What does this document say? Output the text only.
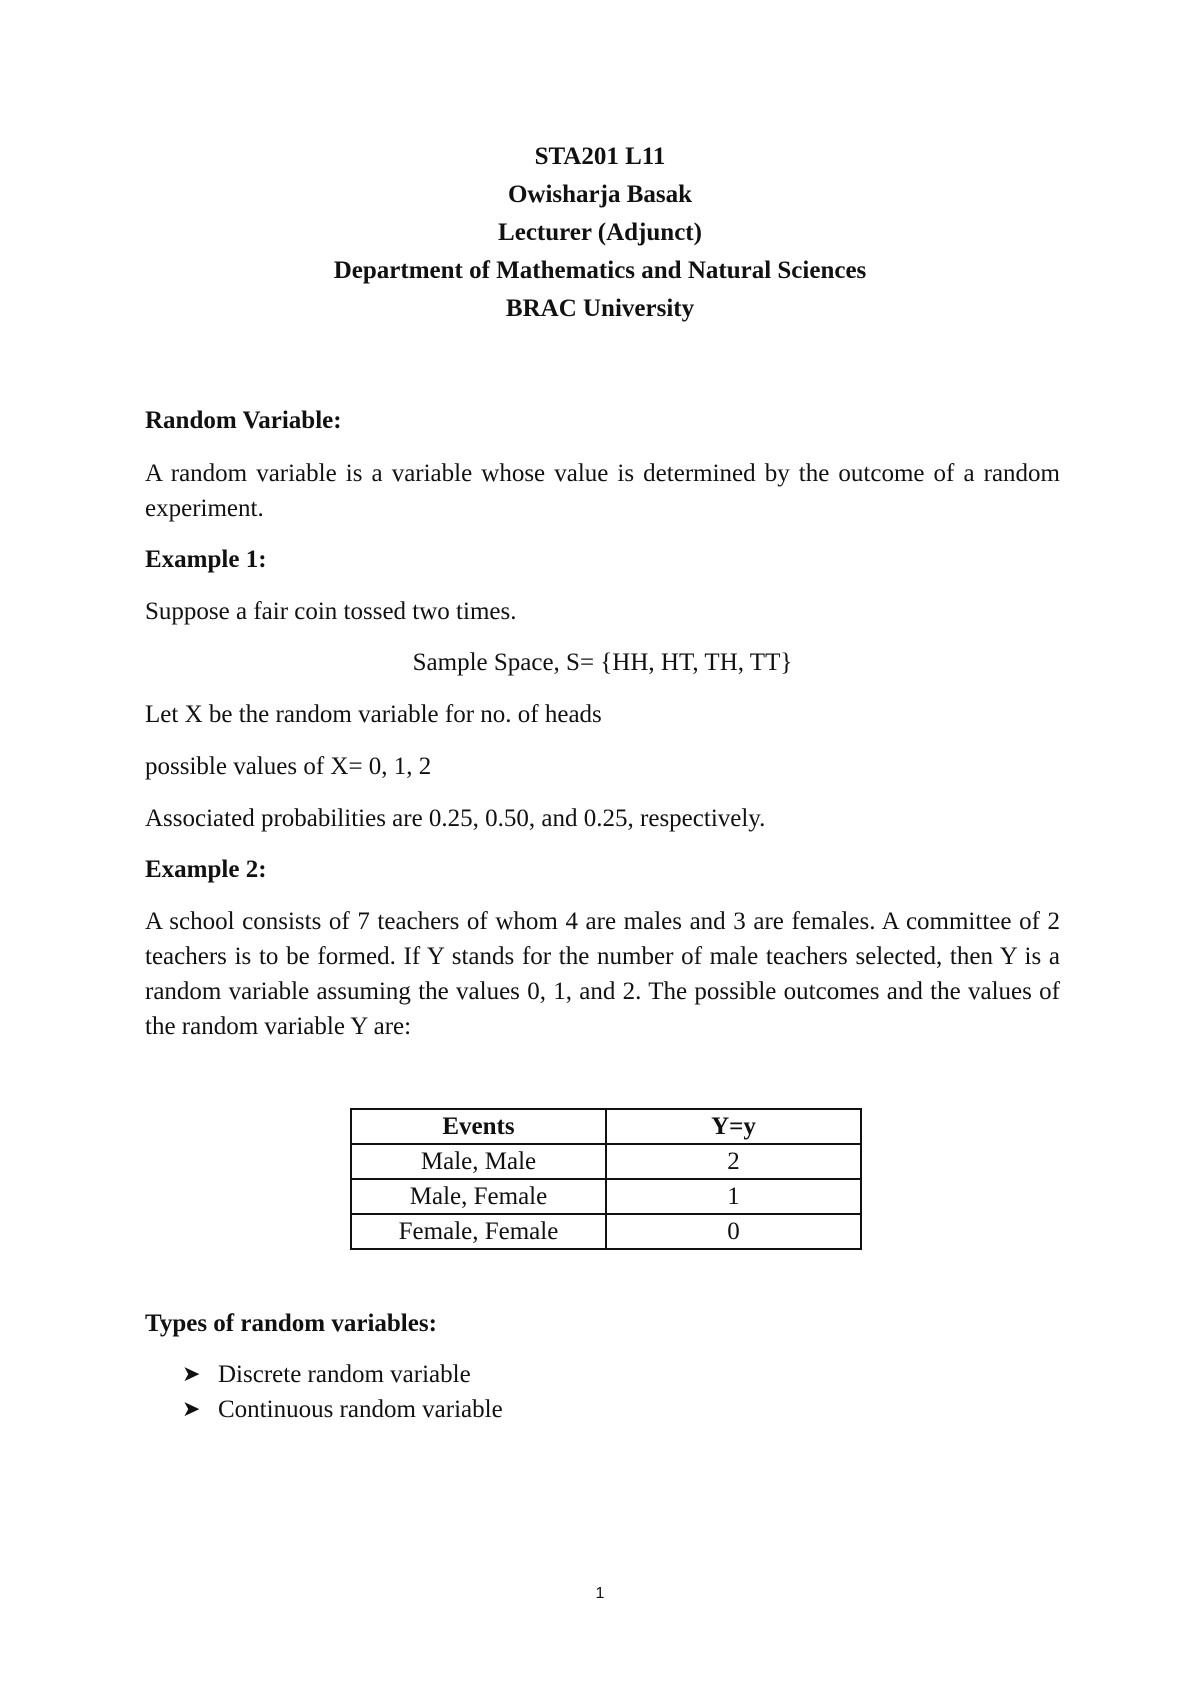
STA201 L11
Owisharja Basak
Lecturer (Adjunct)
Department of Mathematics and Natural Sciences
BRAC University
Random Variable:
A random variable is a variable whose value is determined by the outcome of a random experiment.
Example 1:
Suppose a fair coin tossed two times.
Sample Space, S= {HH, HT, TH, TT}
Let X be the random variable for no. of heads
possible values of X= 0, 1, 2
Associated probabilities are 0.25, 0.50, and 0.25, respectively.
Example 2:
A school consists of 7 teachers of whom 4 are males and 3 are females. A committee of 2 teachers is to be formed. If Y stands for the number of male teachers selected, then Y is a random variable assuming the values 0, 1, and 2. The possible outcomes and the values of the random variable Y are:
Events	Y=y
Male, Male	2
Male, Female	1
Female, Female	0
Types of random variables:
➤ Discrete random variable
➤ Continuous random variable
1
